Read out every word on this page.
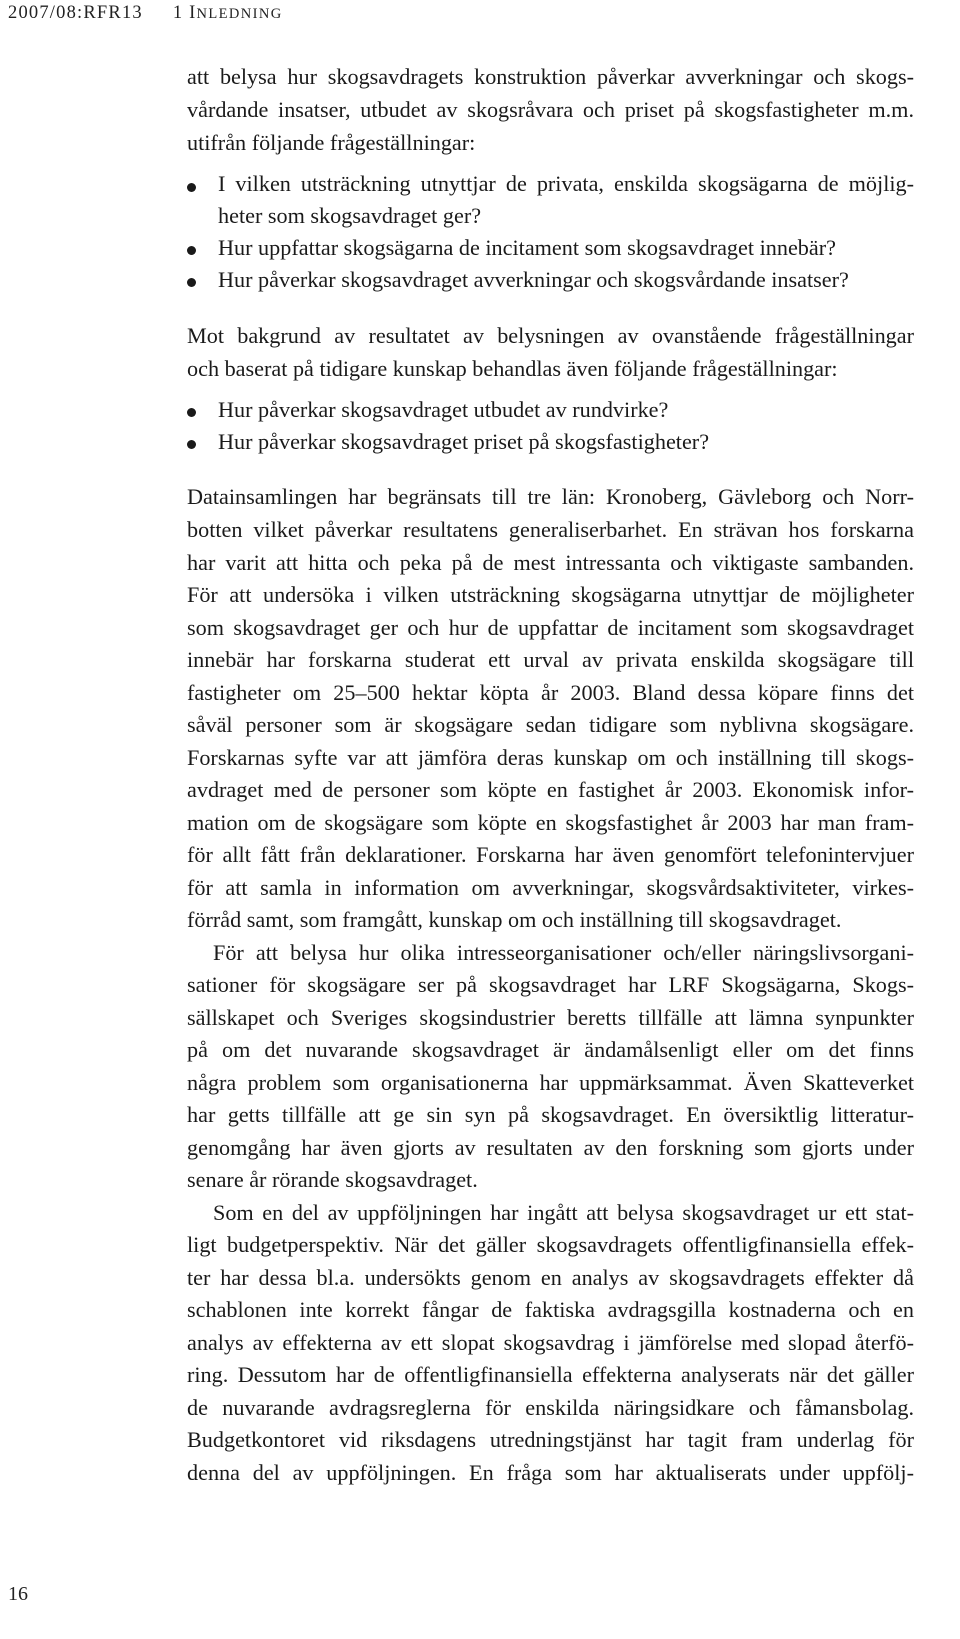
2007/08:RFR13 1 INLEDNING
att belysa hur skogsavdragets konstruktion påverkar avverkningar och skogs-
vårdande insatser, utbudet av skogsråvara och priset på skogsfastigheter m.m.
utifrån följande frågeställningar:
I vilken utsträckning utnyttjar de privata, enskilda skogsägarna de möjlig-
heter som skogsavdraget ger?
Hur uppfattar skogsägarna de incitament som skogsavdraget innebär?
Hur påverkar skogsavdraget avverkningar och skogsvårdande insatser?
Mot bakgrund av resultatet av belysningen av ovanstående frågeställningar
och baserat på tidigare kunskap behandlas även följande frågeställningar:
Hur påverkar skogsavdraget utbudet av rundvirke?
Hur påverkar skogsavdraget priset på skogsfastigheter?
Datainsamlingen har begränsats till tre län: Kronoberg, Gävleborg och Norr-
botten vilket påverkar resultatens generaliserbarhet. En strävan hos forskarna
har varit att hitta och peka på de mest intressanta och viktigaste sambanden.
För att undersöka i vilken utsträckning skogsägarna utnyttjar de möjligheter
som skogsavdraget ger och hur de uppfattar de incitament som skogsavdraget
innebär har forskarna studerat ett urval av privata enskilda skogsägare till
fastigheter om 25–500 hektar köpta år 2003. Bland dessa köpare finns det
såväl personer som är skogsägare sedan tidigare som nyblivna skogsägare.
Forskarnas syfte var att jämföra deras kunskap om och inställning till skogs-
avdraget med de personer som köpte en fastighet år 2003. Ekonomisk infor-
mation om de skogsägare som köpte en skogsfastighet år 2003 har man fram-
för allt fått från deklarationer. Forskarna har även genomfört telefonintervjuer
för att samla in information om avverkningar, skogsvårdsaktiviteter, virkes-
förråd samt, som framgått, kunskap om och inställning till skogsavdraget.
För att belysa hur olika intresseorganisationer och/eller näringslivsorgani-
sationer för skogsägare ser på skogsavdraget har LRF Skogsägarna, Skogs-
sällskapet och Sveriges skogsindustrier beretts tillfälle att lämna synpunkter
på om det nuvarande skogsavdraget är ändamålsenligt eller om det finns
några problem som organisationerna har uppmärksammat. Även Skatteverket
har getts tillfälle att ge sin syn på skogsavdraget. En översiktlig litteratur-
genomgång har även gjorts av resultaten av den forskning som gjorts under
senare år rörande skogsavdraget.
Som en del av uppföljningen har ingått att belysa skogsavdraget ur ett stat-
ligt budgetperspektiv. När det gäller skogsavdragets offentligfinansiella effek-
ter har dessa bl.a. undersökts genom en analys av skogsavdragets effekter då
schablonen inte korrekt fångar de faktiska avdragsgilla kostnaderna och en
analys av effekterna av ett slopat skogsavdrag i jämförelse med slopad återfö-
ring. Dessutom har de offentligfinansiella effekterna analyserats när det gäller
de nuvarande avdragsreglerna för enskilda näringsidkare och fåmansbolag.
Budgetkontoret vid riksdagens utredningstjänst har tagit fram underlag för
denna del av uppföljningen. En fråga som har aktualiserats under uppfölj-
16
